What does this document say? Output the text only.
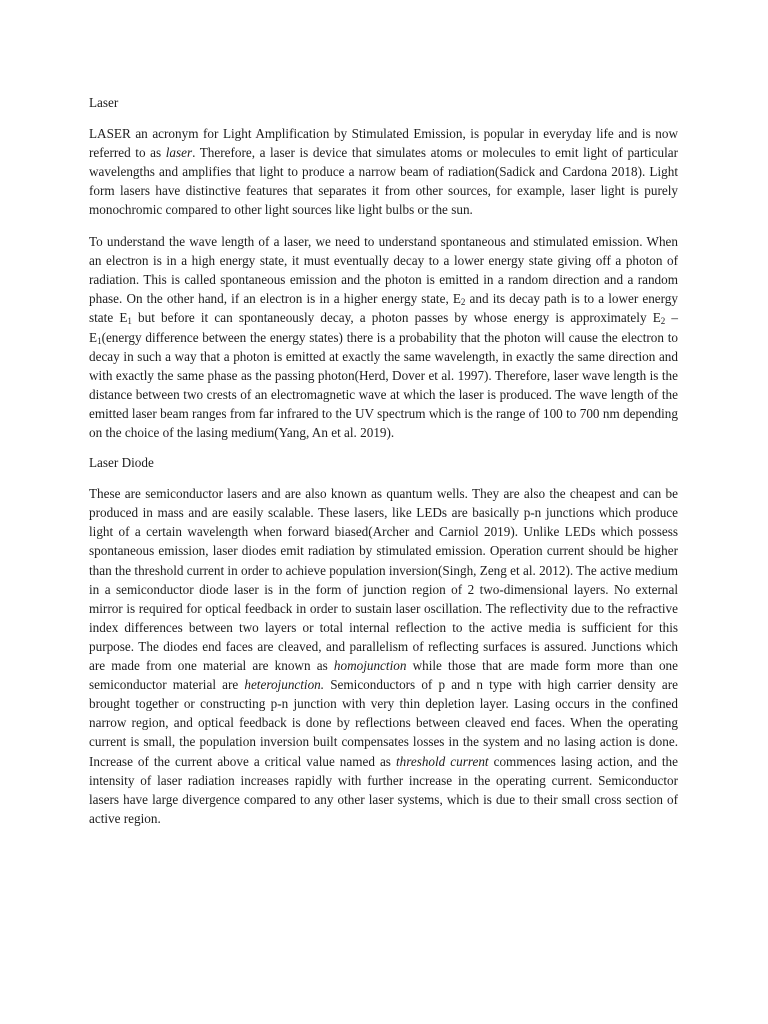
Laser

LASER an acronym for Light Amplification by Stimulated Emission, is popular in everyday life and is now referred to as laser. Therefore, a laser is device that simulates atoms or molecules to emit light of particular wavelengths and amplifies that light to produce a narrow beam of radiation(Sadick and Cardona 2018). Light form lasers have distinctive features that separates it from other sources, for example, laser light is purely monochromic compared to other light sources like light bulbs or the sun.

To understand the wave length of a laser, we need to understand spontaneous and stimulated emission. When an electron is in a high energy state, it must eventually decay to a lower energy state giving off a photon of radiation. This is called spontaneous emission and the photon is emitted in a random direction and a random phase. On the other hand, if an electron is in a higher energy state, $E_2$ and its decay path is to a lower energy state $E_1$ but before it can spontaneously decay, a photon passes by whose energy is approximately $E_2$ – $E_1(energy$ difference between the energy states) there is a probability that the photon will cause the electron to decay in such a way that a photon is emitted at exactly the same wavelength, in exactly the same direction and with exactly the same phase as the passing photon(Herd, Dover et al. 1997). Therefore, laser wave length is the distance between two crests of an electromagnetic wave at which the laser is produced. The wave length of the emitted laser beam ranges from far infrared to the UV spectrum which is the range of 100 to 700 nm depending on the choice of the lasing medium(Yang, An et al. 2019).

Laser Diode

These are semiconductor lasers and are also known as quantum wells. They are also the cheapest and can be produced in mass and are easily scalable. These lasers, like LEDs are basically p-n junctions which produce light of a certain wavelength when forward biased(Archer and Carniol 2019). Unlike LEDs which possess spontaneous emission, laser diodes emit radiation by stimulated emission. Operation current should be higher than the threshold current in order to achieve population inversion(Singh, Zeng et al. 2012). The active medium in a semiconductor diode laser is in the form of junction region of 2 two-dimensional layers. No external mirror is required for optical feedback in order to sustain laser oscillation. The reflectivity due to the refractive index differences between two layers or total internal reflection to the active media is sufficient for this purpose. The diodes end faces are cleaved, and parallelism of reflecting surfaces is assured. Junctions which are made from one material are known as homojunction while those that are made form more than one semiconductor material are heterojunction. Semiconductors of p and n type with high carrier density are brought together or constructing p-n junction with very thin depletion layer. Lasing occurs in the confined narrow region, and optical feedback is done by reflections between cleaved end faces. When the operating current is small, the population inversion built compensates losses in the system and no lasing action is done. Increase of the current above a critical value named as threshold current commences lasing action, and the intensity of laser radiation increases rapidly with further increase in the operating current. Semiconductor lasers have large divergence compared to any other laser systems, which is due to their small cross section of active region.
